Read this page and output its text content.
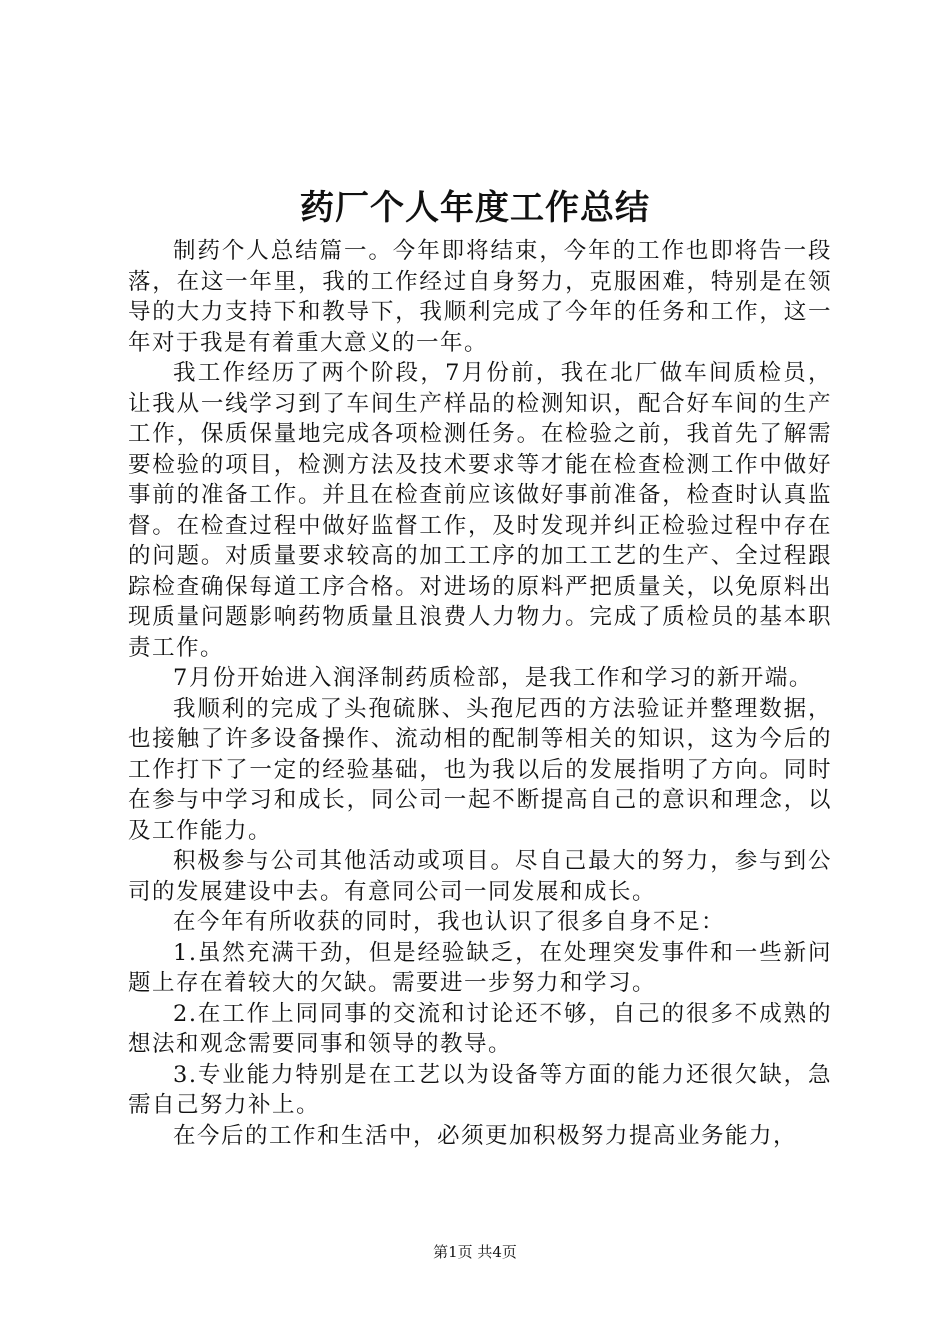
药厂个人年度工作总结

制药个人总结篇一。今年即将结束，今年的工作也即将告一段落，在这一年里，我的工作经过自身努力，克服困难，特别是在领导的大力支持下和教导下，我顺利完成了今年的任务和工作，这一年对于我是有着重大意义的一年。

我工作经历了两个阶段，7月份前，我在北厂做车间质检员，让我从一线学习到了车间生产样品的检测知识，配合好车间的生产工作，保质保量地完成各项检测任务。在检验之前，我首先了解需要检验的项目，检测方法及技术要求等才能在检查检测工作中做好事前的准备工作。并且在检查前应该做好事前准备，检查时认真监督。在检查过程中做好监督工作，及时发现并纠正检验过程中存在的问题。对质量要求较高的加工工序的加工工艺的生产、全过程跟踪检查确保每道工序合格。对进场的原料严把质量关，以免原料出现质量问题影响药物质量且浪费人力物力。完成了质检员的基本职责工作。

7月份开始进入润泽制药质检部，是我工作和学习的新开端。

我顺利的完成了头孢硫脒、头孢尼西的方法验证并整理数据，也接触了许多设备操作、流动相的配制等相关的知识，这为今后的工作打下了一定的经验基础，也为我以后的发展指明了方向。同时在参与中学习和成长，同公司一起不断提高自己的意识和理念，以及工作能力。

积极参与公司其他活动或项目。尽自己最大的努力，参与到公司的发展建设中去。有意同公司一同发展和成长。

在今年有所收获的同时，我也认识了很多自身不足：

1.虽然充满干劲，但是经验缺乏，在处理突发事件和一些新问题上存在着较大的欠缺。需要进一步努力和学习。

2.在工作上同同事的交流和讨论还不够，自己的很多不成熟的想法和观念需要同事和领导的教导。

3.专业能力特别是在工艺以为设备等方面的能力还很欠缺，急需自己努力补上。

在今后的工作和生活中，必须更加积极努力提高业务能力，

第1页 共4页
